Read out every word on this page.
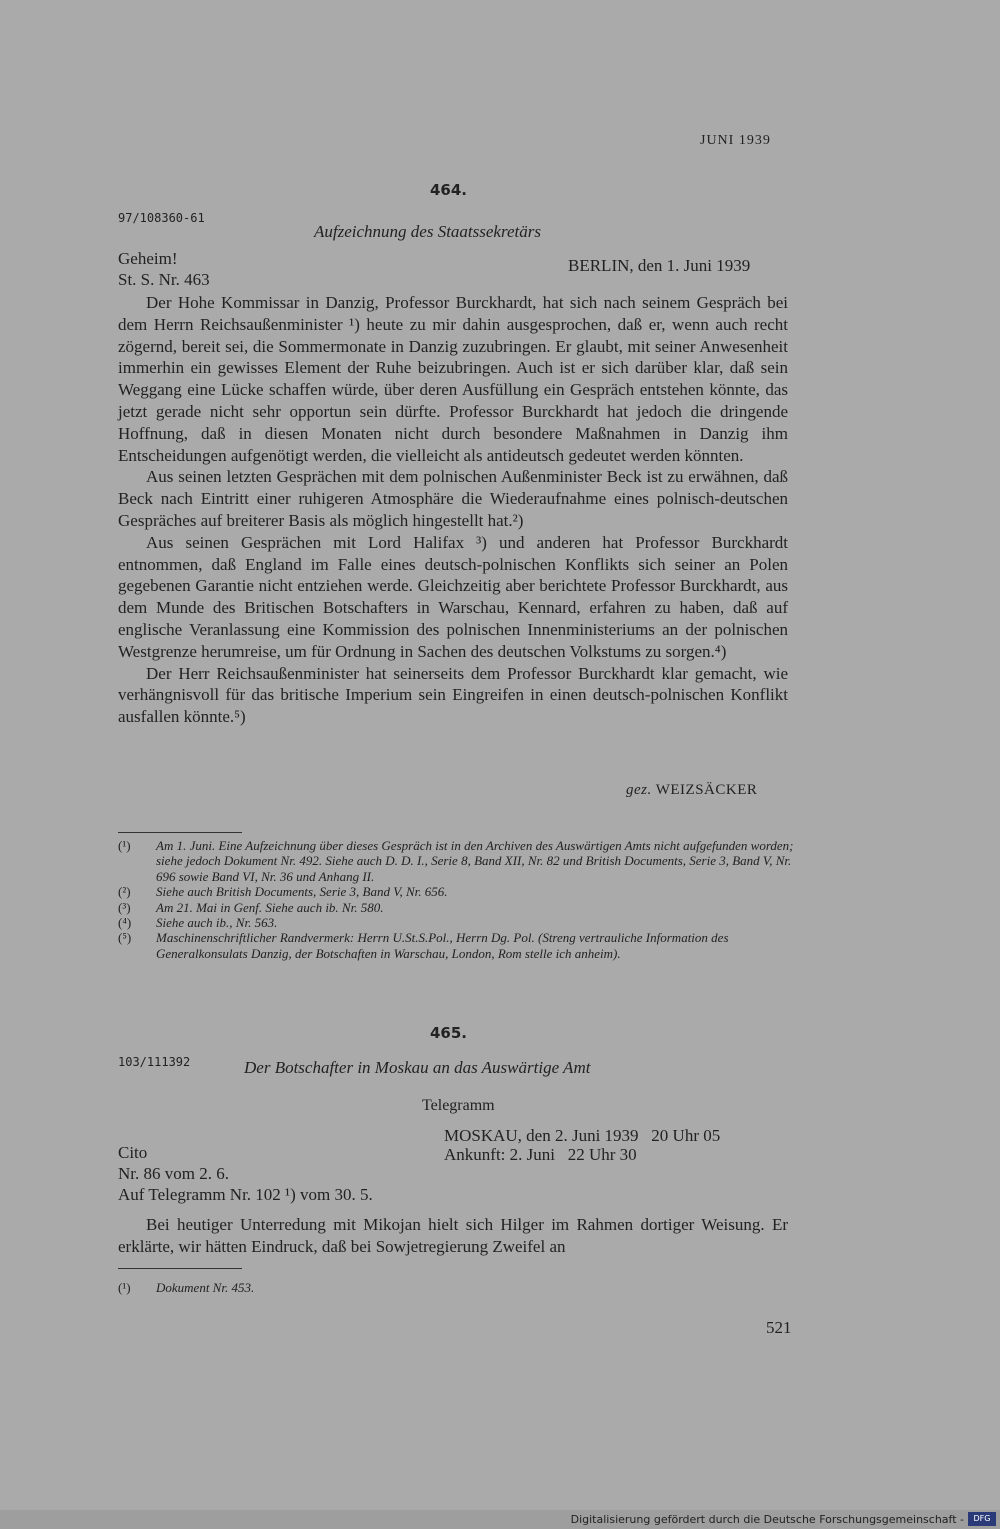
JUNI 1939
464.
97/108360-61
Aufzeichnung des Staatssekretärs
Geheim!
St. S. Nr. 463
BERLIN, den 1. Juni 1939

Der Hohe Kommissar in Danzig, Professor Burckhardt, hat sich nach seinem Gespräch bei dem Herrn Reichsaußenminister ¹) heute zu mir dahin ausgesprochen, daß er, wenn auch recht zögernd, bereit sei, die Sommermonate in Danzig zuzubringen. Er glaubt, mit seiner Anwesenheit immerhin ein gewisses Element der Ruhe beizubringen. Auch ist er sich darüber klar, daß sein Weggang eine Lücke schaffen würde, über deren Ausfüllung ein Gespräch entstehen könnte, das jetzt gerade nicht sehr opportun sein dürfte. Professor Burckhardt hat jedoch die dringende Hoffnung, daß in diesen Monaten nicht durch besondere Maßnahmen in Danzig ihm Entscheidungen aufgenötigt werden, die vielleicht als antideutsch gedeutet werden könnten.

Aus seinen letzten Gesprächen mit dem polnischen Außenminister Beck ist zu erwähnen, daß Beck nach Eintritt einer ruhigeren Atmosphäre die Wiederaufnahme eines polnisch-deutschen Gespräches auf breiterer Basis als möglich hingestellt hat.²)

Aus seinen Gesprächen mit Lord Halifax ³) und anderen hat Professor Burckhardt entnommen, daß England im Falle eines deutsch-polnischen Konflikts sich seiner an Polen gegebenen Garantie nicht entziehen werde. Gleichzeitig aber berichtete Professor Burckhardt, aus dem Munde des Britischen Botschafters in Warschau, Kennard, erfahren zu haben, daß auf englische Veranlassung eine Kommission des polnischen Innenministeriums an der polnischen Westgrenze herumreise, um für Ordnung in Sachen des deutschen Volkstums zu sorgen.⁴)

Der Herr Reichsaußenminister hat seinerseits dem Professor Burckhardt klar gemacht, wie verhängnisvoll für das britische Imperium sein Eingreifen in einen deutsch-polnischen Konflikt ausfallen könnte.⁵)

gez. WEIZSÄCKER
(¹)	Am 1. Juni. Eine Aufzeichnung über dieses Gespräch ist in den Archiven des Auswärtigen Amts nicht aufgefunden worden; siehe jedoch Dokument Nr. 492. Siehe auch D. D. I., Serie 8, Band XII, Nr. 82 und British Documents, Serie 3, Band V, Nr. 696 sowie Band VI, Nr. 36 und Anhang II.
(²)	Siehe auch British Documents, Serie 3, Band V, Nr. 656.
(³)	Am 21. Mai in Genf. Siehe auch ib. Nr. 580.
(⁴)	Siehe auch ib., Nr. 563.
(⁵)	Maschinenschriftlicher Randvermerk: Herrn U.St.S.Pol., Herrn Dg. Pol. (Streng vertrauliche Information des Generalkonsulats Danzig, der Botschaften in Warschau, London, Rom stelle ich anheim).
465.
103/111392	Der Botschafter in Moskau an das Auswärtige Amt
Telegramm
MOSKAU, den 2. Juni 1939   20 Uhr 05
Ankunft: 2. Juni   22 Uhr 30
Cito
Nr. 86 vom 2. 6.
Auf Telegramm Nr. 102 ¹) vom 30. 5.

Bei heutiger Unterredung mit Mikojan hielt sich Hilger im Rahmen dortiger Weisung. Er erklärte, wir hätten Eindruck, daß bei Sowjetregierung Zweifel an

(¹)	Dokument Nr. 453.
521
Digitalisierung gefördert durch die Deutsche Forschungsgemeinschaft -	DFG
